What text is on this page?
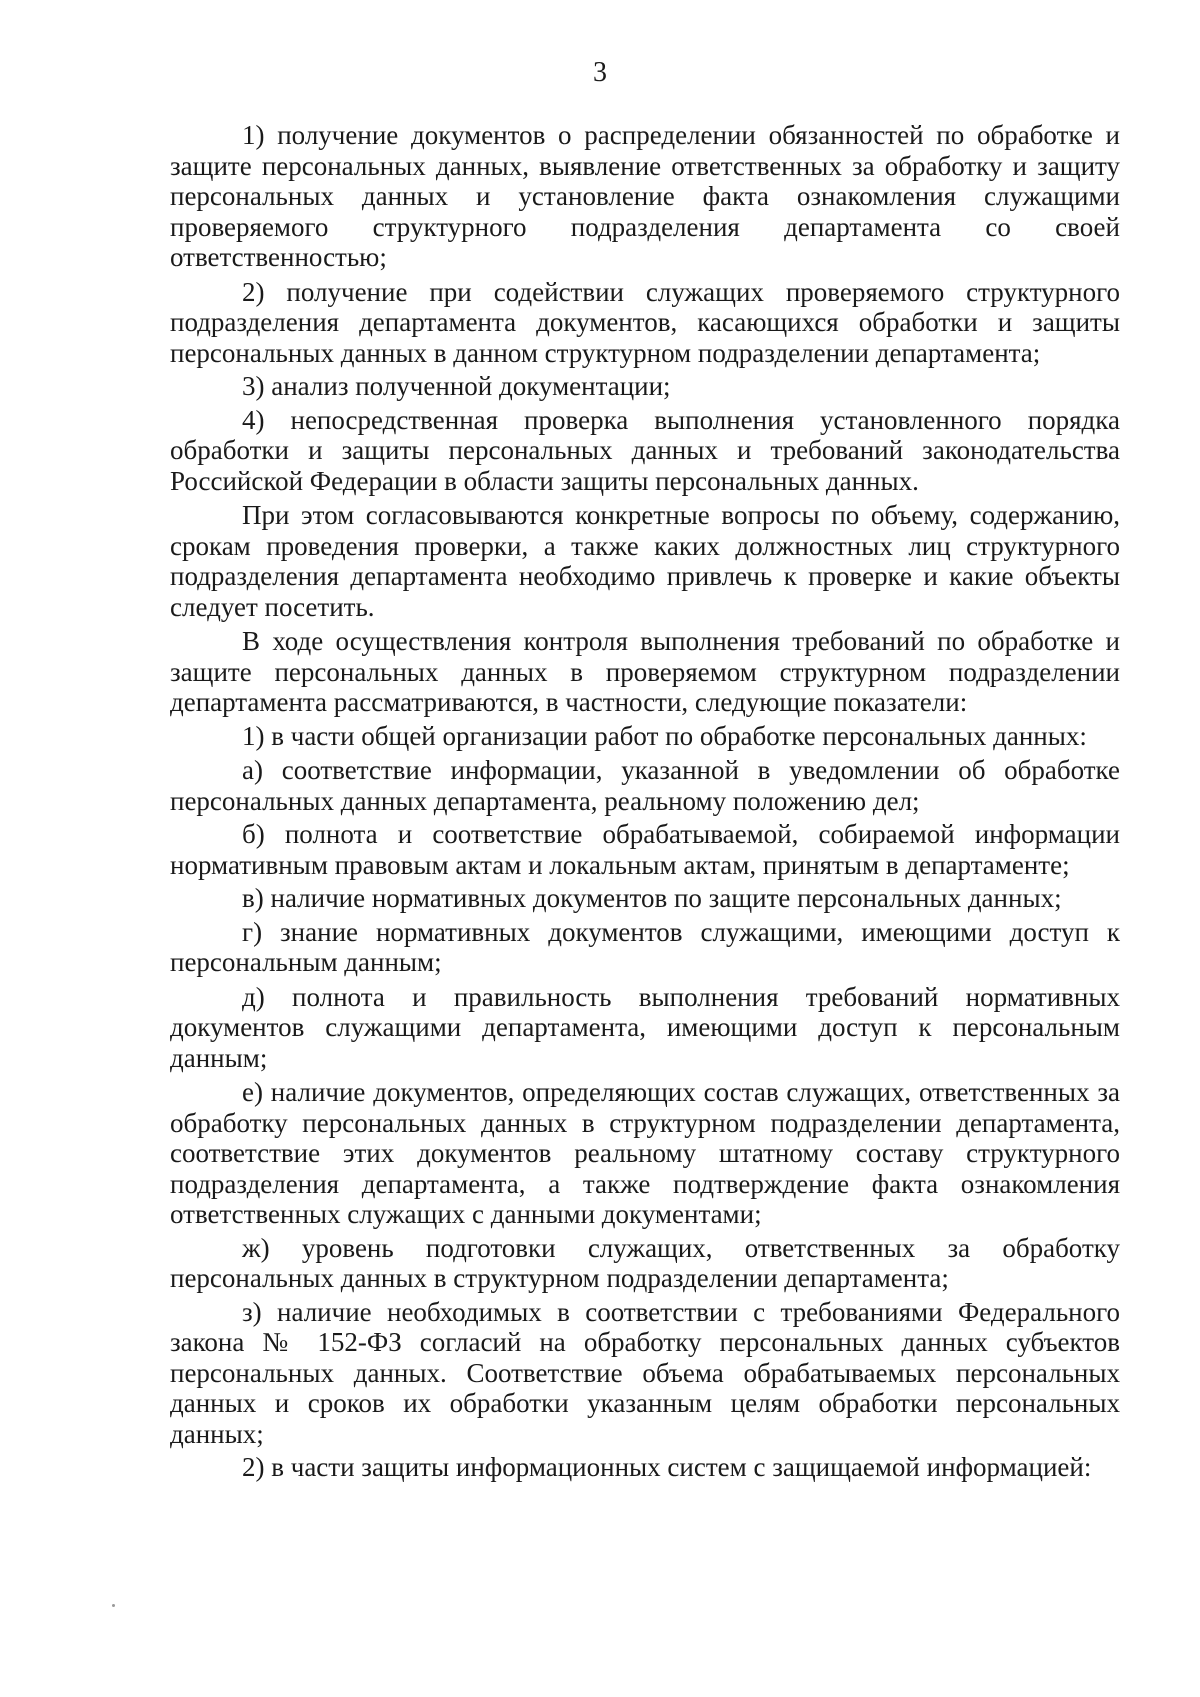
3

1) получение документов о распределении обязанностей по обработке и защите персональных данных, выявление ответственных за обработку и защиту персональных данных и установление факта ознакомления служащими проверяемого структурного подразделения департамента со своей ответственностью;

2) получение при содействии служащих проверяемого структурного подразделения департамента документов, касающихся обработки и защиты персональных данных в данном структурном подразделении департамента;

3) анализ полученной документации;

4) непосредственная проверка выполнения установленного порядка обработки и защиты персональных данных и требований законодательства Российской Федерации в области защиты персональных данных.

При этом согласовываются конкретные вопросы по объему, содержанию, срокам проведения проверки, а также каких должностных лиц структурного подразделения департамента необходимо привлечь к проверке и какие объекты следует посетить.

В ходе осуществления контроля выполнения требований по обработке и защите персональных данных в проверяемом структурном подразделении департамента рассматриваются, в частности, следующие показатели:

1) в части общей организации работ по обработке персональных данных:

а) соответствие информации, указанной в уведомлении об обработке персональных данных департамента, реальному положению дел;

б) полнота и соответствие обрабатываемой, собираемой информации нормативным правовым актам и локальным актам, принятым в департаменте;

в) наличие нормативных документов по защите персональных данных;

г) знание нормативных документов служащими, имеющими доступ к персональным данным;

д) полнота и правильность выполнения требований нормативных документов служащими департамента, имеющими доступ к персональным данным;

е) наличие документов, определяющих состав служащих, ответственных за обработку персональных данных в структурном подразделении департамента, соответствие этих документов реальному штатному составу структурного подразделения департамента, а также подтверждение факта ознакомления ответственных служащих с данными документами;

ж) уровень подготовки служащих, ответственных за обработку персональных данных в структурном подразделении департамента;

з) наличие необходимых в соответствии с требованиями Федерального закона № 152-ФЗ согласий на обработку персональных данных субъектов персональных данных. Соответствие объема обрабатываемых персональных данных и сроков их обработки указанным целям обработки персональных данных;

2) в части защиты информационных систем с защищаемой информацией:
